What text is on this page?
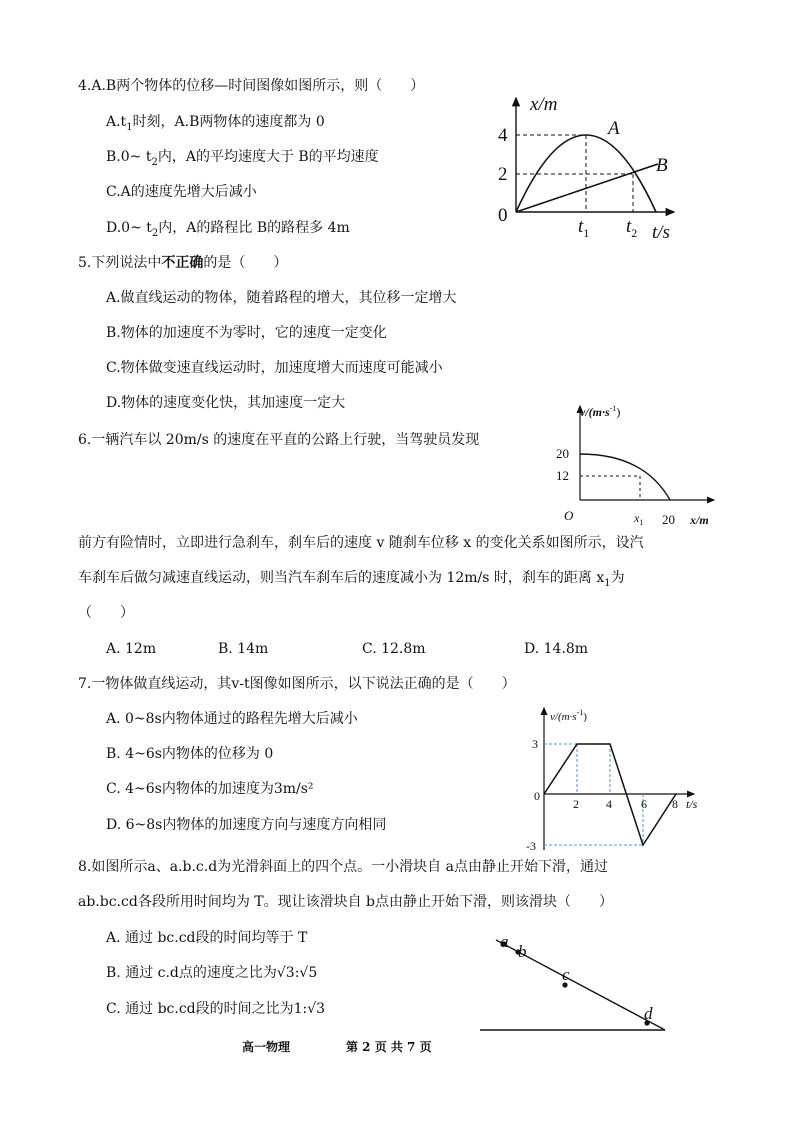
4.A.B两个物体的位移—时间图像如图所示，则（　　）
$A.t_1$时刻，A.B两物体的速度都为 0
B.0~ $t_2$内，A的平均速度大于 B的平均速度
C.A的速度先增大后减小
D.0~ $t_2$内，A的路程比 B的路程多 4m
x/m
0
4
2
A
B
$t_1$ $t_2$ t/s
5.下列说法中不正确的是（　　）
A.做直线运动的物体，随着路程的增大，其位移一定增大
B.物体的加速度不为零时，它的速度一定变化
C.物体做变速直线运动时，加速度增大而速度可能减小
D.物体的速度变化快，其加速度一定大
6.一辆汽车以 20m/s 的速度在平直的公路上行驶，当驾驶员发现
$v/(m\cdot s^{-1})$
20
12
O	$x_1$ 20 x/m
前方有险情时，立即进行急刹车，刹车后的速度 v 随刹车位移 x 的变化关系如图所示，设汽
车刹车后做匀减速直线运动，则当汽车刹车后的速度减小为 12m/s 时，刹车的距离 $x_1$为
（　　）
A. 12m	B. 14m	C. 12.8m	D. 14.8m
7.一物体做直线运动，其v-t图像如图所示，以下说法正确的是（　　）
A. 0~8s内物体通过的路程先增大后减小
B. 4~6s内物体的位移为 0
C. 4~6s内物体的加速度为3m/s²
D. 6~8s内物体的加速度方向与速度方向相同
$v/(m\cdot s^{-1})$
3
-3
0
2 4 6 8 t/s
8.如图所示a、a.b.c.d为光滑斜面上的四个点。一小滑块自 a点由静止开始下滑，通过
ab.bc.cd各段所用时间均为 T。现让该滑块自 b点由静止开始下滑，则该滑块（　　）
A. 通过 bc.cd段的时间均等于 T
B. 通过 c.d点的速度之比为√3:√5
C. 通过 bc.cd段的时间之比为1:√3
a
b
c
d
高一物理	第 2 页 共 7 页
